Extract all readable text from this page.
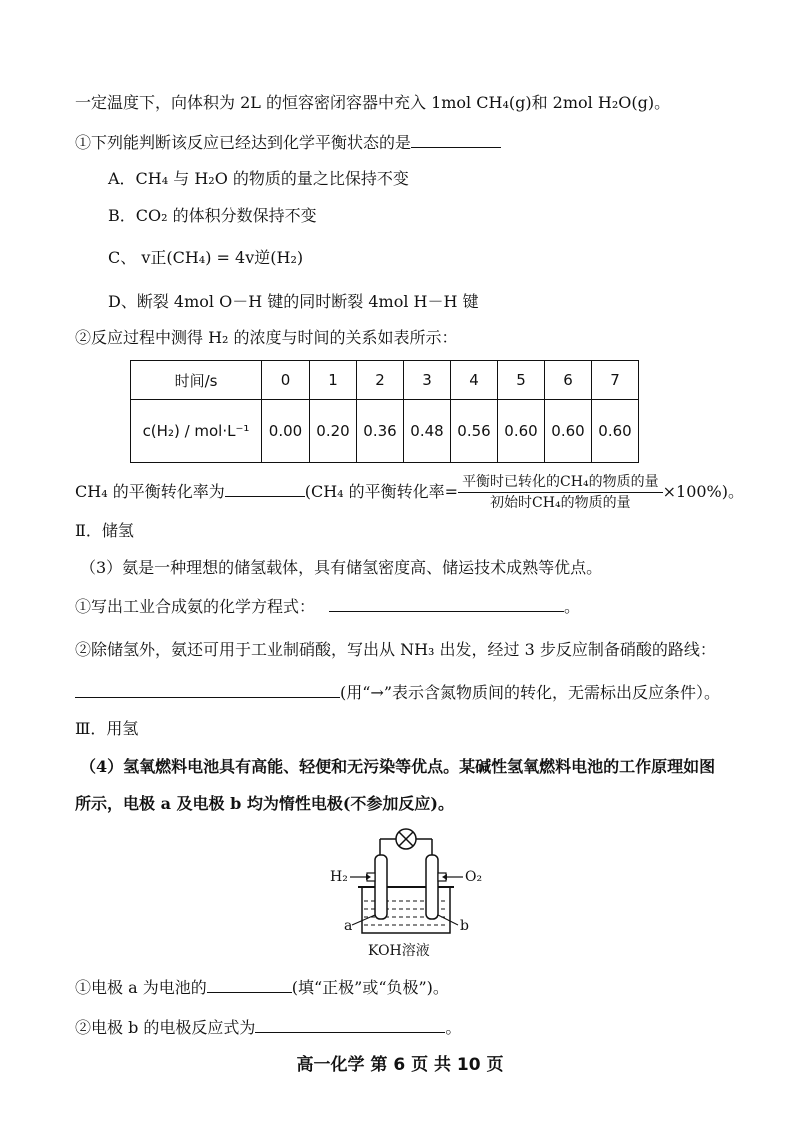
一定温度下，向体积为 2L 的恒容密闭容器中充入 1mol CH₄(g)和 2mol H₂O(g)。
①下列能判断该反应已经达到化学平衡状态的是
A．CH₄ 与 H₂O 的物质的量之比保持不变
B．CO₂ 的体积分数保持不变
C、 v正(CH₄) = 4v逆(H₂)
D、断裂 4mol O－H 键的同时断裂 4mol H－H 键
②反应过程中测得 H₂ 的浓度与时间的关系如表所示：
时间/s	0	1	2	3	4	5	6	7
c(H₂) / mol·L⁻¹	0.00	0.20	0.36	0.48	0.56	0.60	0.60	0.60
CH₄ 的平衡转化率为	(CH₄ 的平衡转化率= $\frac{\text{平衡时已转化的CH₄的物质的量}}{\text{初始时CH₄的物质的量}} \times 100\%$)。
Ⅱ．储氢
（3）氨是一种理想的储氢载体，具有储氢密度高、储运技术成熟等优点。
①写出工业合成氨的化学方程式：	。
②除储氢外，氨还可用于工业制硝酸，写出从 NH₃ 出发，经过 3 步反应制备硝酸的路线：
(用“→”表示含氮物质间的转化，无需标出反应条件）。
Ⅲ．用氢
（4）氢氧燃料电池具有高能、轻便和无污染等优点。某碱性氢氧燃料电池的工作原理如图
所示，电极 a 及电极 b 均为惰性电极(不参加反应)。
H₂	O₂
a	b
KOH溶液
①电极 a 为电池的	(填“正极”或“负极”)。
②电极 b 的电极反应式为	。
高一化学 第 6 页 共 10 页
